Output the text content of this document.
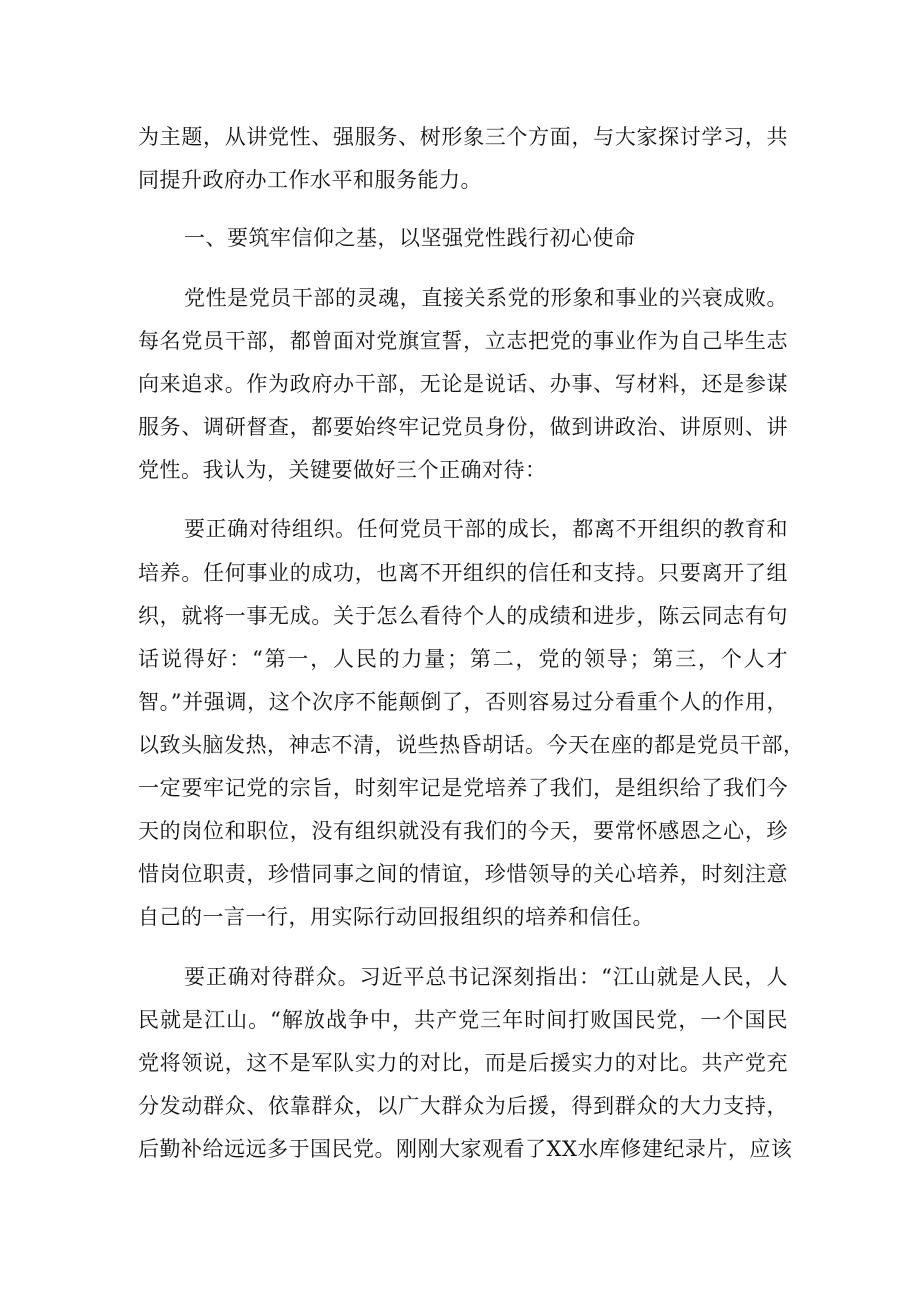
为主题，从讲党性、强服务、树形象三个方面，与大家探讨学习，共
同提升政府办工作水平和服务能力。
一、要筑牢信仰之基，以坚强党性践行初心使命
党性是党员干部的灵魂，直接关系党的形象和事业的兴衰成败。
每名党员干部，都曾面对党旗宣誓，立志把党的事业作为自己毕生志
向来追求。作为政府办干部，无论是说话、办事、写材料，还是参谋
服务、调研督查，都要始终牢记党员身份，做到讲政治、讲原则、讲
党性。我认为，关键要做好三个正确对待：
要正确对待组织。任何党员干部的成长，都离不开组织的教育和
培养。任何事业的成功，也离不开组织的信任和支持。只要离开了组
织，就将一事无成。关于怎么看待个人的成绩和进步，陈云同志有句
话说得好：“第一，人民的力量；第二，党的领导；第三，个人才
智。”并强调，这个次序不能颠倒了，否则容易过分看重个人的作用，
以致头脑发热，神志不清，说些热昏胡话。今天在座的都是党员干部，
一定要牢记党的宗旨，时刻牢记是党培养了我们，是组织给了我们今
天的岗位和职位，没有组织就没有我们的今天，要常怀感恩之心，珍
惜岗位职责，珍惜同事之间的情谊，珍惜领导的关心培养，时刻注意
自己的一言一行，用实际行动回报组织的培养和信任。
要正确对待群众。习近平总书记深刻指出：“江山就是人民，人
民就是江山。“解放战争中，共产党三年时间打败国民党，一个国民
党将领说，这不是军队实力的对比，而是后援实力的对比。共产党充
分发动群众、依靠群众，以广大群众为后援，得到群众的大力支持，
后勤补给远远多于国民党。刚刚大家观看了XX水库修建纪录片，应该
